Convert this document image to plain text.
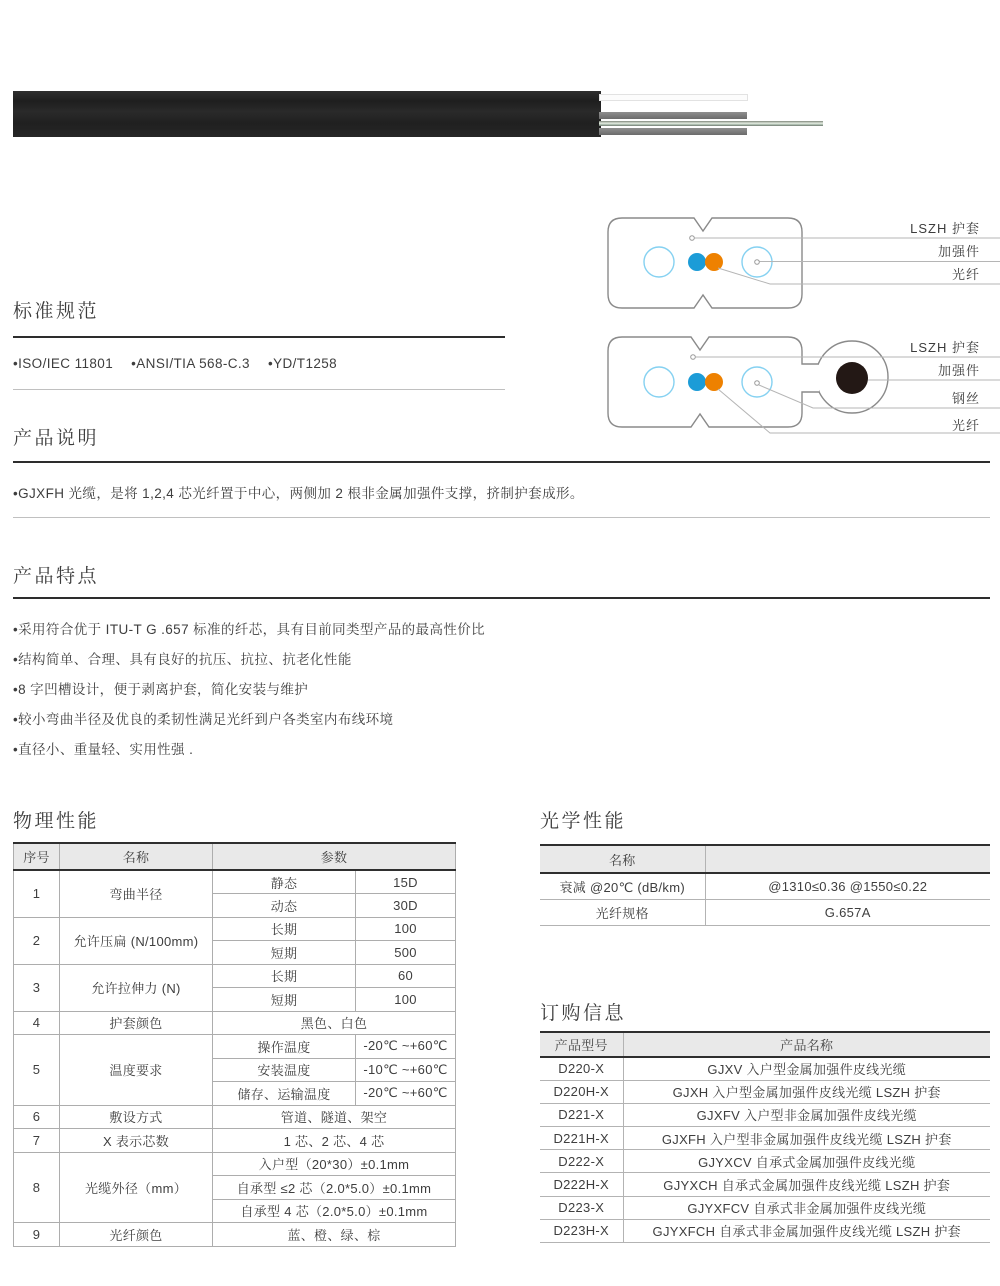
LSZH 护套
加强件
光纤
LSZH 护套
加强件
钢丝
光纤
标准规范
•ISO/IEC 11801 •ANSI/TIA 568-C.3 •YD/T1258
产品说明
•GJXFH 光缆，是将 1,2,4 芯光纤置于中心，两侧加 2 根非金属加强件支撑，挤制护套成形。
产品特点
•采用符合优于 ITU-T G .657 标准的纤芯，具有目前同类型产品的最高性价比
•结构简单、合理、具有良好的抗压、抗拉、抗老化性能
•8 字凹槽设计，便于剥离护套，简化安装与维护
•较小弯曲半径及优良的柔韧性满足光纤到户各类室内布线环境
•直径小、重量轻、实用性强 .
物理性能
序号	名称	参数	
1	弯曲半径	静态	15D
		动态	30D
2	允许压扁 (N/100mm)	长期	100
		短期	500
3	允许拉伸力 (N)	长期	60
		短期	100
4	护套颜色	黑色、白色	
5	温度要求	操作温度	-20℃ ~+60℃
		安装温度	-10℃ ~+60℃
		储存、运输温度	-20℃ ~+60℃
6	敷设方式	管道、隧道、架空	
7	X 表示芯数	1 芯、2 芯、4 芯	
8	光缆外径（mm）	入户型（20*30）±0.1mm	
		自承型 ≤2 芯（2.0*5.0）±0.1mm	
		自承型 4 芯（2.0*5.0）±0.1mm	
9	光纤颜色	蓝、橙、绿、棕	
光学性能
名称	
衰减 @20℃ (dB/km)	@1310≤0.36 @1550≤0.22
光纤规格	G.657A
订购信息
产品型号	产品名称
D220-X	GJXV 入户型金属加强件皮线光缆
D220H-X	GJXH 入户型金属加强件皮线光缆 LSZH 护套
D221-X	GJXFV 入户型非金属加强件皮线光缆
D221H-X	GJXFH 入户型非金属加强件皮线光缆 LSZH 护套
D222-X	GJYXCV 自承式金属加强件皮线光缆
D222H-X	GJYXCH 自承式金属加强件皮线光缆 LSZH 护套
D223-X	GJYXFCV 自承式非金属加强件皮线光缆
D223H-X	GJYXFCH 自承式非金属加强件皮线光缆 LSZH 护套
